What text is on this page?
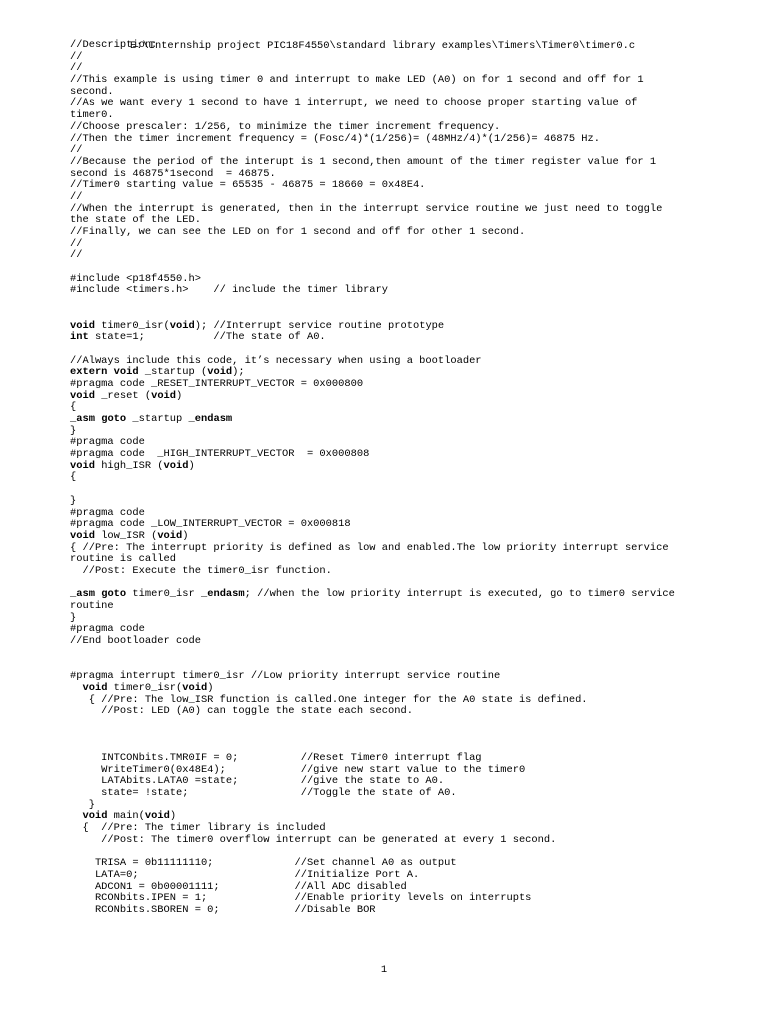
E:\Internship project PIC18F4550\standard library examples\Timers\Timer0\timer0.c
//Description:
//
//
//This example is using timer 0 and interrupt to make LED (A0) on for 1 second and off for 1
second.
//As we want every 1 second to have 1 interrupt, we need to choose proper starting value of
timer0.
//Choose prescaler: 1/256, to minimize the timer increment frequency.
//Then the timer increment frequency = (Fosc/4)*(1/256)= (48MHz/4)*(1/256)= 46875 Hz.
//
//Because the period of the interupt is 1 second,then amount of the timer register value for 1
second is 46875*1second  = 46875.
//Timer0 starting value = 65535 - 46875 = 18660 = 0x48E4.
//
//When the interrupt is generated, then in the interrupt service routine we just need to toggle
the state of the LED.
//Finally, we can see the LED on for 1 second and off for other 1 second.
//
//
#include <p18f4550.h>
#include <timers.h>    // include the timer library
void timer0_isr(void); //Interrupt service routine prototype
int state=1;           //The state of A0.
//Always include this code, it’s necessary when using a bootloader
extern void _startup (void);
#pragma code _RESET_INTERRUPT_VECTOR = 0x000800
void _reset (void)
{
_asm goto _startup _endasm
}
#pragma code
#pragma code  _HIGH_INTERRUPT_VECTOR  = 0x000808
void high_ISR (void)
{
}
#pragma code
#pragma code _LOW_INTERRUPT_VECTOR = 0x000818
void low_ISR (void)
{ //Pre: The interrupt priority is defined as low and enabled.The low priority interrupt service
routine is called
//Post: Execute the timer0_isr function.
_asm goto timer0_isr _endasm; //when the low priority interrupt is executed, go to timer0 service
routine
}
#pragma code
//End bootloader code
#pragma interrupt timer0_isr //Low priority interrupt service routine
void timer0_isr(void)
{ //Pre: The low_ISR function is called.One integer for the A0 state is defined.
//Post: LED (A0) can toggle the state each second.
INTCONbits.TMR0IF = 0;          //Reset Timer0 interrupt flag
WriteTimer0(0x48E4);            //give new start value to the timer0
LATAbits.LATA0 =state;          //give the state to A0.
state= !state;                  //Toggle the state of A0.
}
void main(void)
{  //Pre: The timer library is included
//Post: The timer0 overflow interrupt can be generated at every 1 second.
TRISA = 0b11111110;             //Set channel A0 as output
LATA=0;                         //Initialize Port A.
ADCON1 = 0b00001111;            //All ADC disabled
RCONbits.IPEN = 1;              //Enable priority levels on interrupts
RCONbits.SBOREN = 0;            //Disable BOR
1
